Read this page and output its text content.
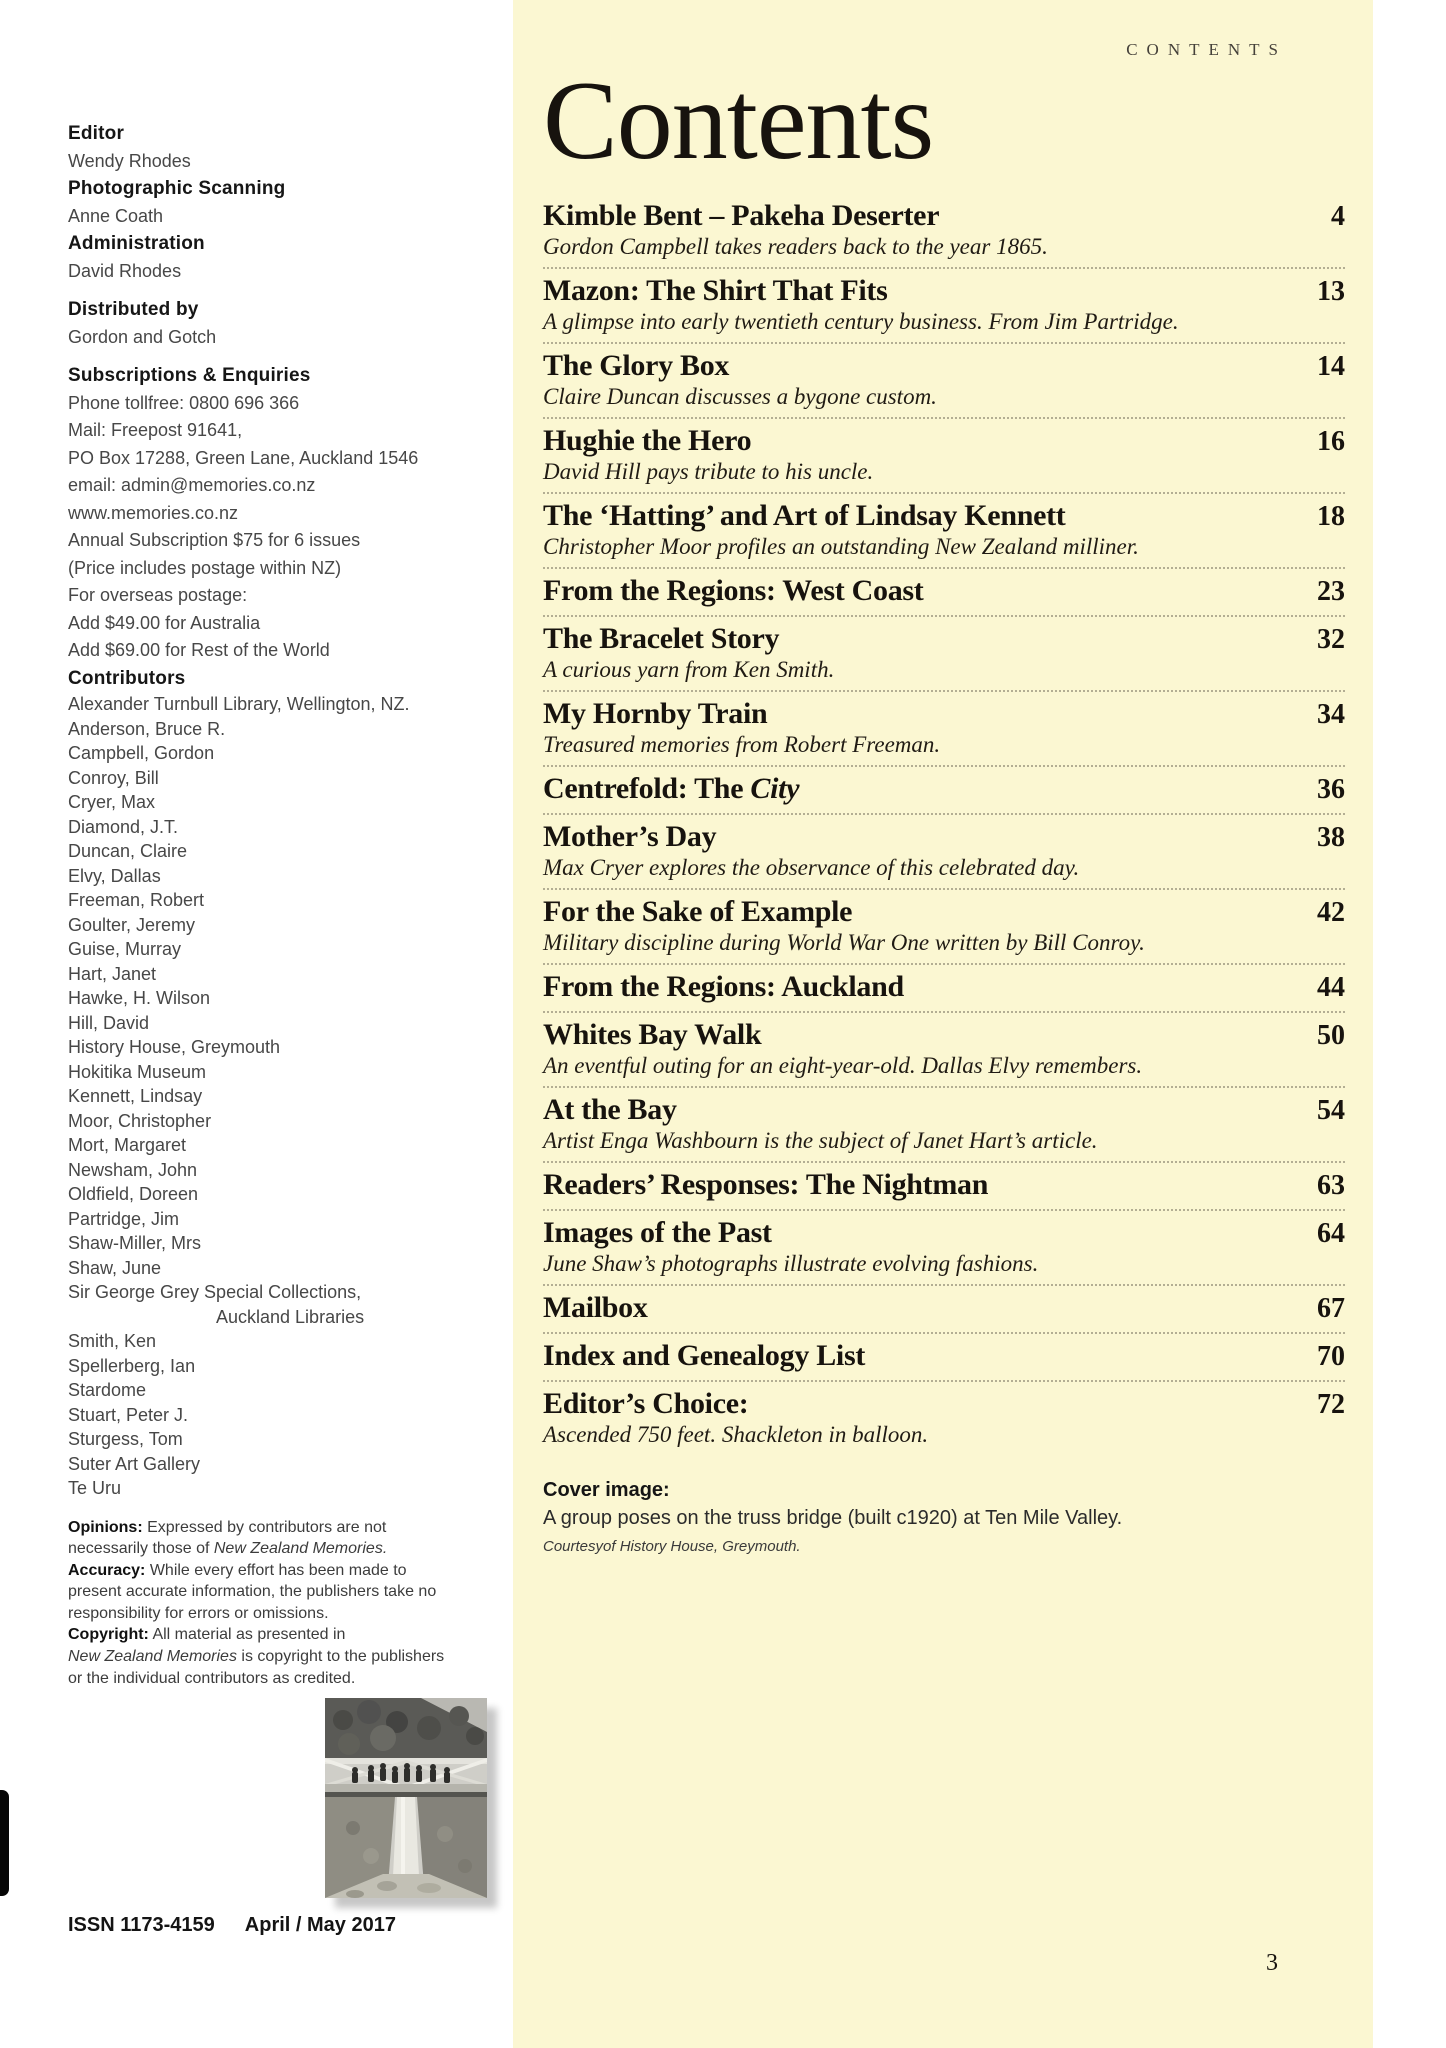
Editor
Wendy Rhodes
Photographic Scanning
Anne Coath
Administration
David Rhodes
Distributed by
Gordon and Gotch
Subscriptions & Enquiries
Phone tollfree: 0800 696 366
Mail: Freepost 91641,
PO Box 17288, Green Lane, Auckland 1546
email: admin@memories.co.nz
www.memories.co.nz
Annual Subscription $75 for 6 issues
(Price includes postage within NZ)
For overseas postage:
Add $49.00 for Australia
Add $69.00 for Rest of the World
Contributors
Alexander Turnbull Library, Wellington, NZ.
Anderson, Bruce R.
Campbell, Gordon
Conroy, Bill
Cryer, Max
Diamond, J.T.
Duncan, Claire
Elvy, Dallas
Freeman, Robert
Goulter, Jeremy
Guise, Murray
Hart, Janet
Hawke, H. Wilson
Hill, David
History House, Greymouth
Hokitika Museum
Kennett, Lindsay
Moor, Christopher
Mort, Margaret
Newsham, John
Oldfield, Doreen
Partridge, Jim
Shaw-Miller, Mrs
Shaw, June
Sir George Grey Special Collections,
Auckland Libraries
Smith, Ken
Spellerberg, Ian
Stardome
Stuart, Peter J.
Sturgess, Tom
Suter Art Gallery
Te Uru
Opinions: Expressed by contributors are not
necessarily those of New Zealand Memories.
Accuracy: While every effort has been made to
present accurate information, the publishers take no
responsibility for errors or omissions.
Copyright: All material as presented in
New Zealand Memories is copyright to the publishers
or the individual contributors as credited.
ISSN 1173-4159 April / May 2017
CONTENTS
Contents
Kimble Bent – Pakeha Deserter	4
Gordon Campbell takes readers back to the year 1865.
Mazon: The Shirt That Fits	13
A glimpse into early twentieth century business. From Jim Partridge.
The Glory Box	14
Claire Duncan discusses a bygone custom.
Hughie the Hero	16
David Hill pays tribute to his uncle.
The ‘Hatting’ and Art of Lindsay Kennett	18
Christopher Moor profiles an outstanding New Zealand milliner.
From the Regions: West Coast	23
The Bracelet Story	32
A curious yarn from Ken Smith.
My Hornby Train	34
Treasured memories from Robert Freeman.
Centrefold: The City	36
Mother’s Day	38
Max Cryer explores the observance of this celebrated day.
For the Sake of Example	42
Military discipline during World War One written by Bill Conroy.
From the Regions: Auckland	44
Whites Bay Walk	50
An eventful outing for an eight-year-old. Dallas Elvy remembers.
At the Bay	54
Artist Enga Washbourn is the subject of Janet Hart’s article.
Readers’ Responses: The Nightman	63
Images of the Past	64
June Shaw’s photographs illustrate evolving fashions.
Mailbox	67
Index and Genealogy List	70
Editor’s Choice:	72
Ascended 750 feet. Shackleton in balloon.
Cover image:
A group poses on the truss bridge (built c1920) at Ten Mile Valley.
Courtesyof History House, Greymouth.
3
